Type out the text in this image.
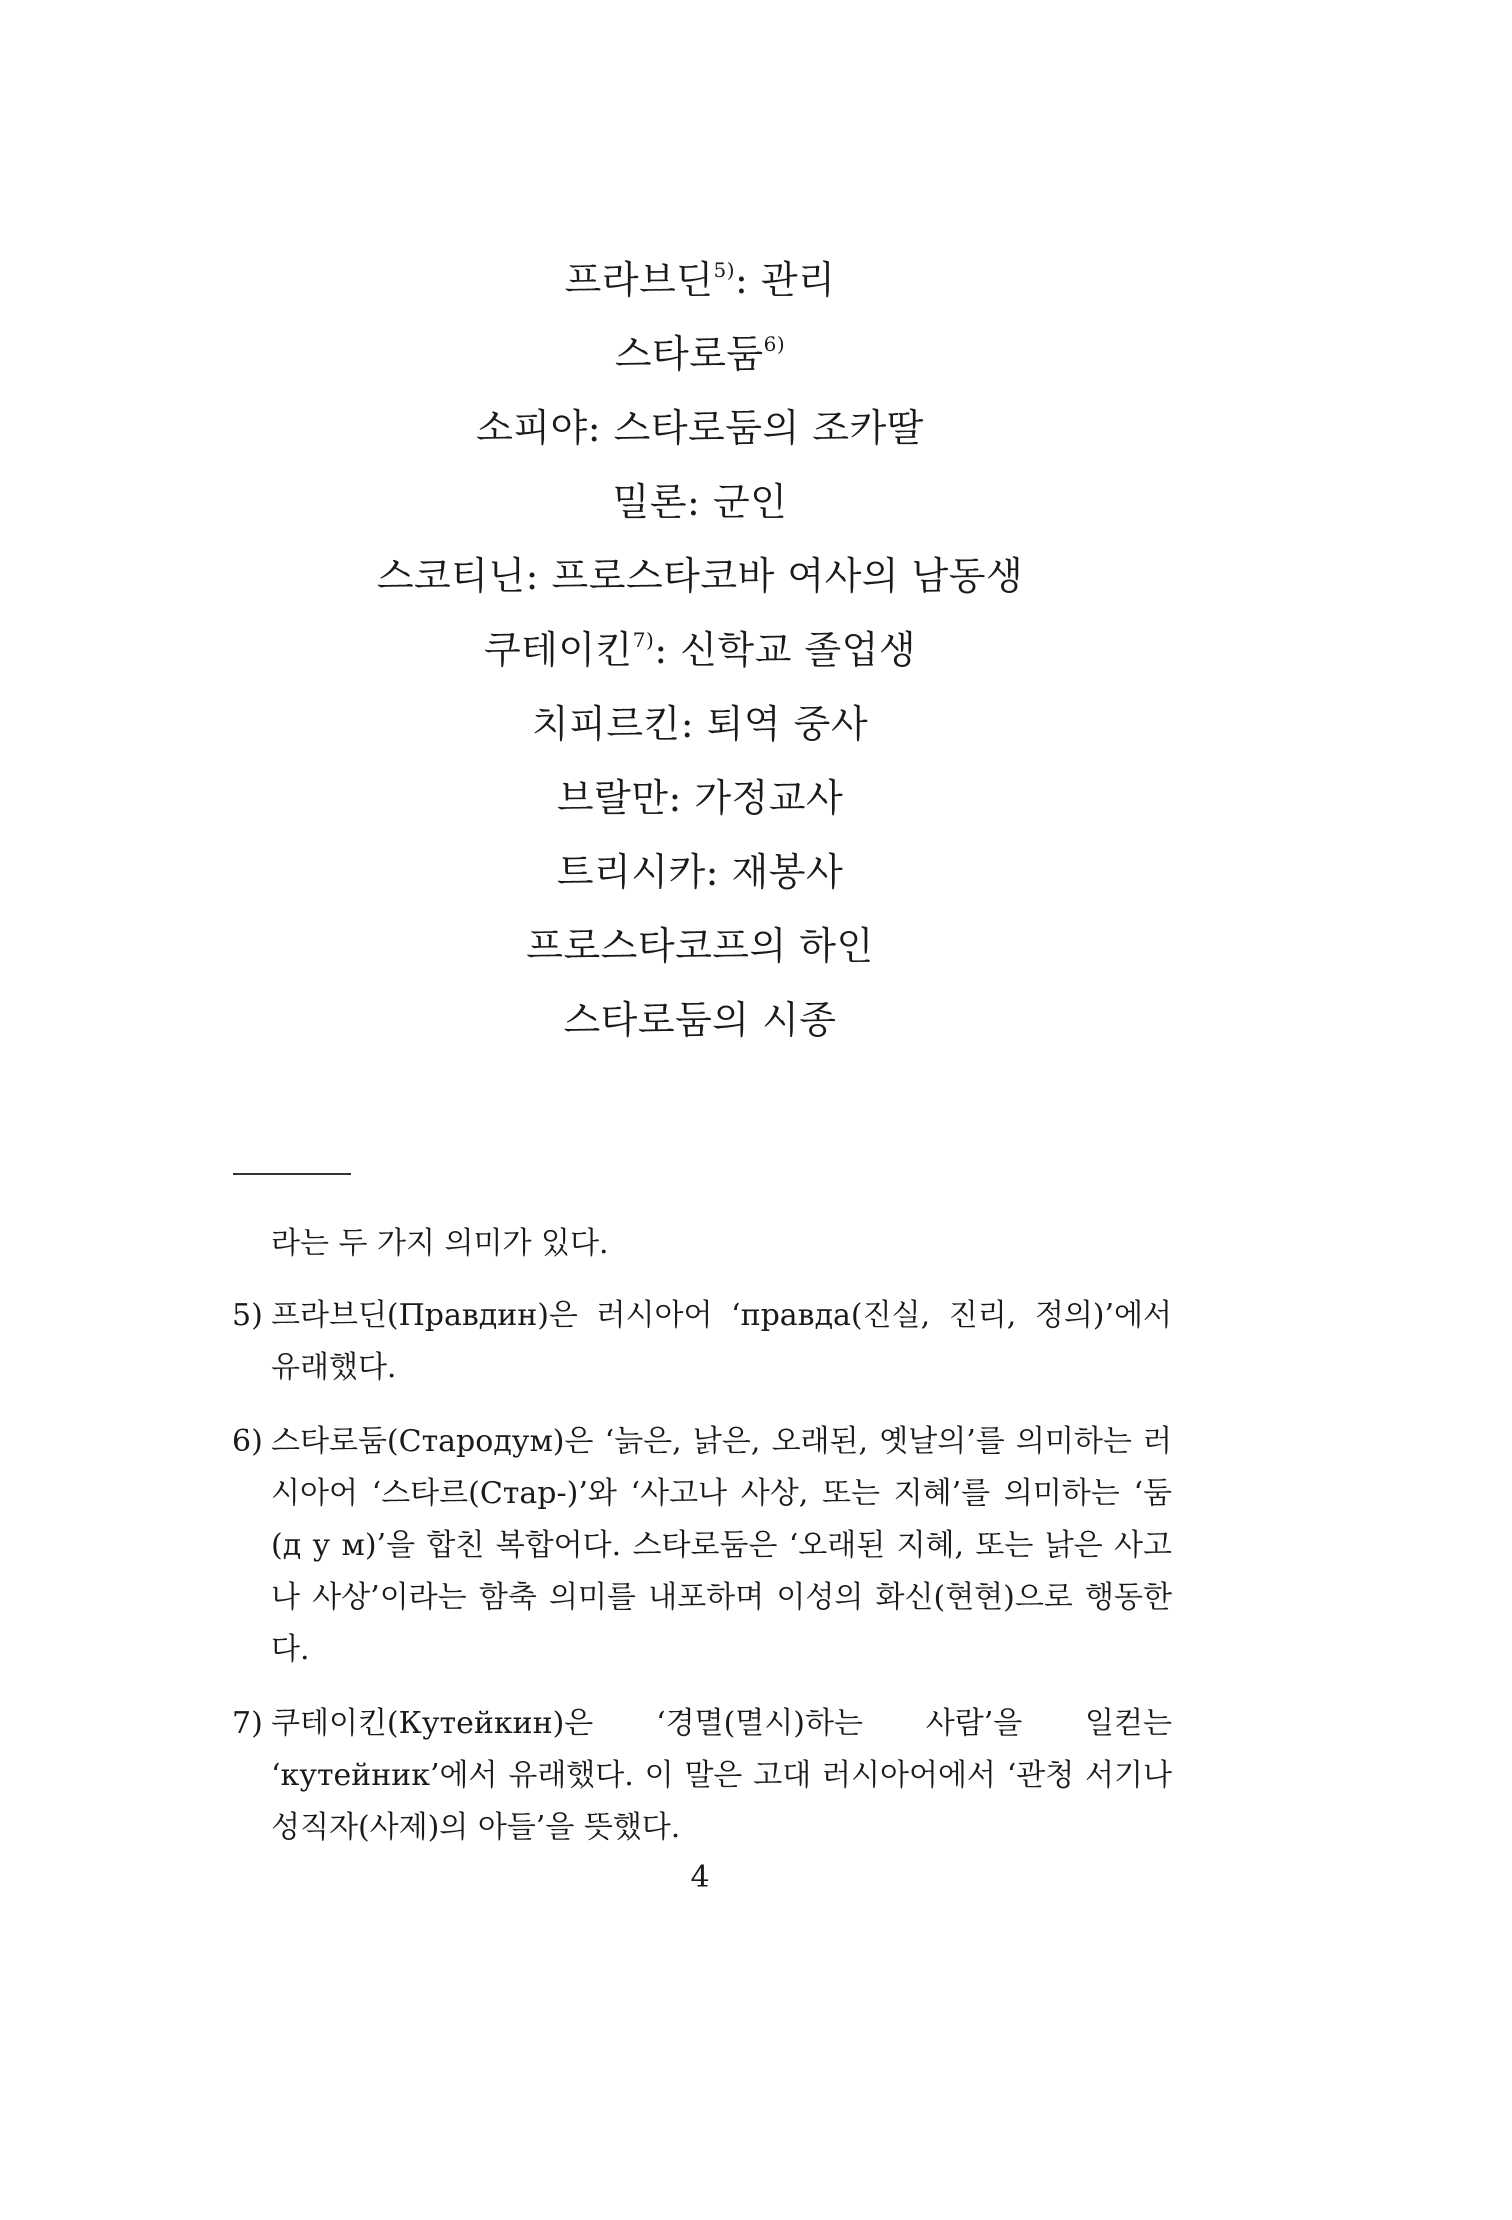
프라브딘$^{5)}$: 관리
스타로둠$^{6)}$
소피야: 스타로둠의 조카딸
밀론: 군인
스코티닌: 프로스타코바 여사의 남동생
쿠테이킨$^{7)}$: 신학교 졸업생
치피르킨: 퇴역 중사
브랄만: 가정교사
트리시카: 재봉사
프로스타코프의 하인
스타로둠의 시종
라는 두 가지 의미가 있다.
5) 프라브딘(Правдин)은 러시아어 ‘правда(진실, 진리, 정의)’에서 유래했다.
6) 스타로둠(Стародум)은 ‘늙은, 낡은, 오래된, 옛날의’를 의미하는 러시아어 ‘스타르(Стар-)’와 ‘사고나 사상, 또는 지혜’를 의미하는 ‘둠(д у м)’을 합친 복합어다. 스타로둠은 ‘오래된 지혜, 또는 낡은 사고나 사상’이라는 함축 의미를 내포하며 이성의 화신(현현)으로 행동한다.
7) 쿠테이킨(Кутейкин)은 ‘경멸(멸시)하는 사람’을 일컫는 ‘кутейник’에서 유래했다. 이 말은 고대 러시아어에서 ‘관청 서기나 성직자(사제)의 아들’을 뜻했다.
4
